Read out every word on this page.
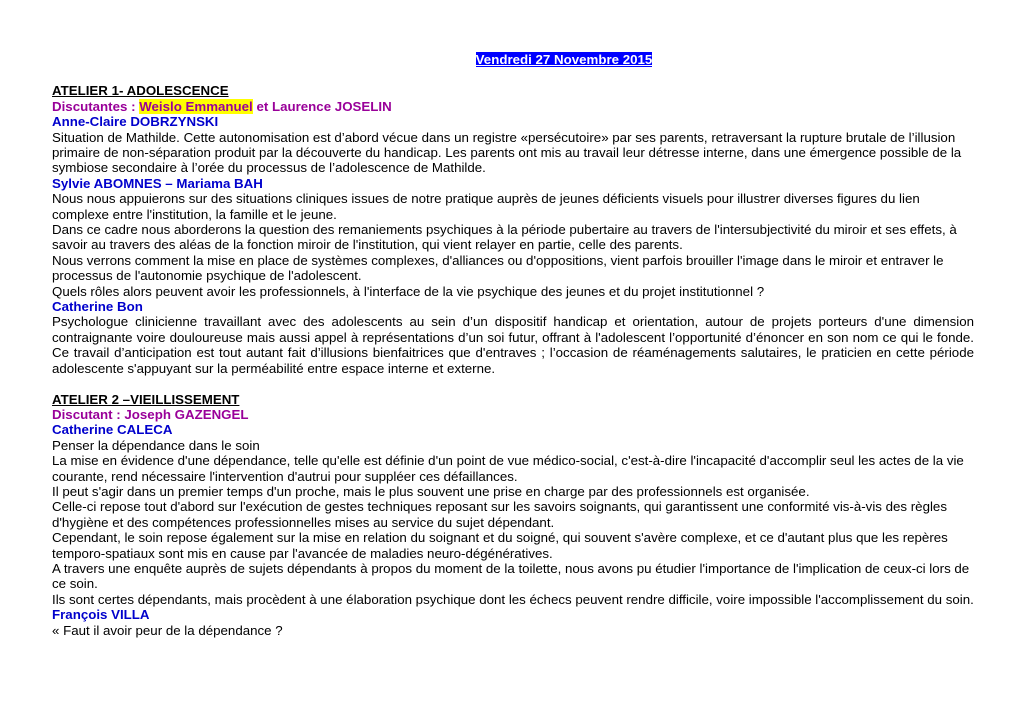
Vendredi 27 Novembre 2015
ATELIER 1- ADOLESCENCE
Discutantes : Weislo Emmanuel et Laurence JOSELIN
Anne-Claire DOBRZYNSKI

Situation de Mathilde. Cette autonomisation est d’abord vécue dans un registre «persécutoire» par ses parents, retraversant la rupture brutale de l’illusion primaire de non-séparation produit par la découverte du handicap. Les parents ont mis au travail leur détresse interne, dans une émergence possible de la symbiose secondaire à l’orée du processus de l’adolescence de Mathilde.

Sylvie ABOMNES – Mariama BAH

Nous nous appuierons sur des situations cliniques issues de notre pratique auprès de jeunes déficients visuels pour illustrer diverses figures du lien complexe entre l'institution, la famille et le jeune.

Dans ce cadre nous aborderons la question des remaniements psychiques à la période pubertaire au travers de l'intersubjectivité du miroir et ses effets, à savoir au travers des aléas de la fonction miroir de l'institution, qui vient relayer en partie, celle des parents.

Nous verrons comment la mise en place de systèmes complexes, d'alliances ou d'oppositions, vient parfois brouiller l'image dans le miroir et entraver le processus de l'autonomie psychique de l'adolescent.

Quels rôles alors peuvent avoir les professionnels, à l'interface de la vie psychique des jeunes et du projet institutionnel ?

Catherine Bon

Psychologue clinicienne travaillant avec des adolescents au sein d’un dispositif handicap et orientation, autour de projets porteurs d'une dimension contraignante voire douloureuse mais aussi appel à représentations d’un soi futur, offrant à l'adolescent l’opportunité d’énoncer en son nom ce qui le fonde. Ce travail d’anticipation est tout autant fait d’illusions bienfaitrices que d'entraves ; l’occasion de réaménagements salutaires, le praticien en cette période adolescente s'appuyant sur la perméabilité entre espace interne et externe.

ATELIER 2 –VIEILLISSEMENT
Discutant : Joseph GAZENGEL
Catherine CALECA

Penser la dépendance dans le soin

La mise en évidence d'une dépendance, telle qu'elle est définie d'un point de vue médico-social, c'est-à-dire l'incapacité d'accomplir seul les actes de la vie courante, rend nécessaire l'intervention d'autrui pour suppléer ces défaillances.

Il peut s'agir dans un premier temps d'un proche, mais le plus souvent une prise en charge par des professionnels est organisée.

Celle-ci repose tout d'abord sur l'exécution de gestes techniques reposant sur les savoirs soignants, qui garantissent une conformité vis-à-vis des règles d'hygiène et des compétences professionnelles mises au service du sujet dépendant.

Cependant, le soin repose également sur la mise en relation du soignant et du soigné, qui souvent s'avère complexe, et ce d'autant plus que les repères temporo-spatiaux sont mis en cause par l'avancée de maladies neuro-dégénératives.

A travers une enquête auprès de sujets dépendants à propos du moment de la toilette, nous avons pu étudier l'importance de l'implication de ceux-ci lors de ce soin.

Ils sont certes dépendants, mais procèdent à une élaboration psychique dont les échecs peuvent rendre difficile, voire impossible l'accomplissement du soin.

François VILLA

« Faut il avoir peur de la dépendance ?
